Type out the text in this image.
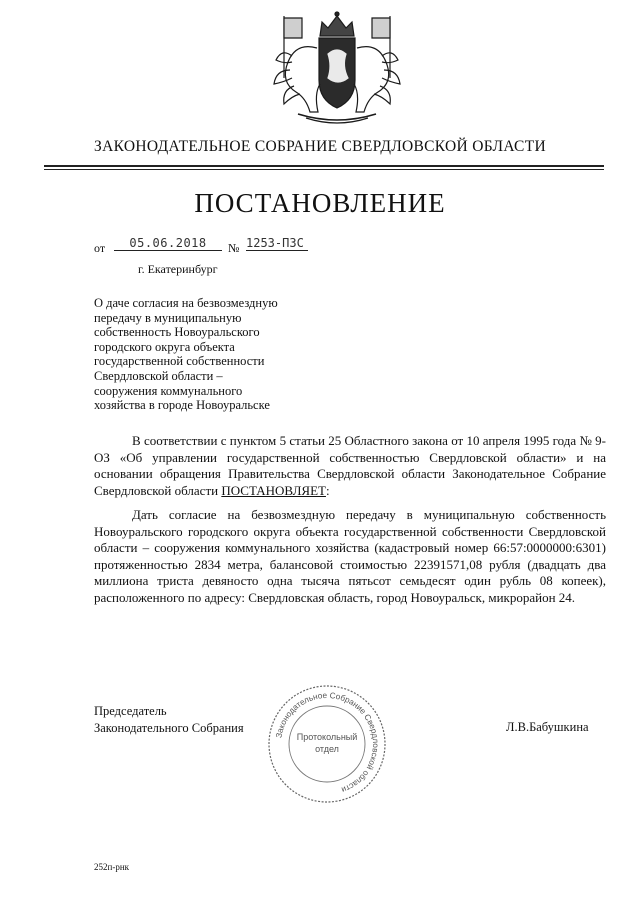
ЗАКОНОДАТЕЛЬНОЕ СОБРАНИЕ СВЕРДЛОВСКОЙ ОБЛАСТИ
ПОСТАНОВЛЕНИЕ
от	05.06.2018	№ 1253-ПЗС
г. Екатеринбург
О даче согласия на безвозмездную
передачу в муниципальную
собственность Новоуральского
городского округа объекта
государственной собственности
Свердловской области –
сооружения коммунального
хозяйства в городе Новоуральске
В соответствии с пунктом 5 статьи 25 Областного закона от 10 апреля 1995 года № 9-ОЗ «Об управлении государственной собственностью Свердловской области» и на основании обращения Правительства Свердловской области Законодательное Собрание Свердловской области ПОСТАНОВЛЯЕТ:
Дать согласие на безвозмездную передачу в муниципальную собственность Новоуральского городского округа объекта государственной собственности Свердловской области – сооружения коммунального хозяйства (кадастровый номер 66:57:0000000:6301) протяженностью 2834 метра, балансовой стоимостью 22391571,08 рубля (двадцать два миллиона триста девяносто одна тысяча пятьсот семьдесят один рубль 08 копеек), расположенного по адресу: Свердловская область, город Новоуральск, микрорайон 24.
Председатель
Законодательного Собрания
Законодательное Собрание Свердловской области
Протокольный
отдел
Л.В.Бабушкина
252п-рнк
